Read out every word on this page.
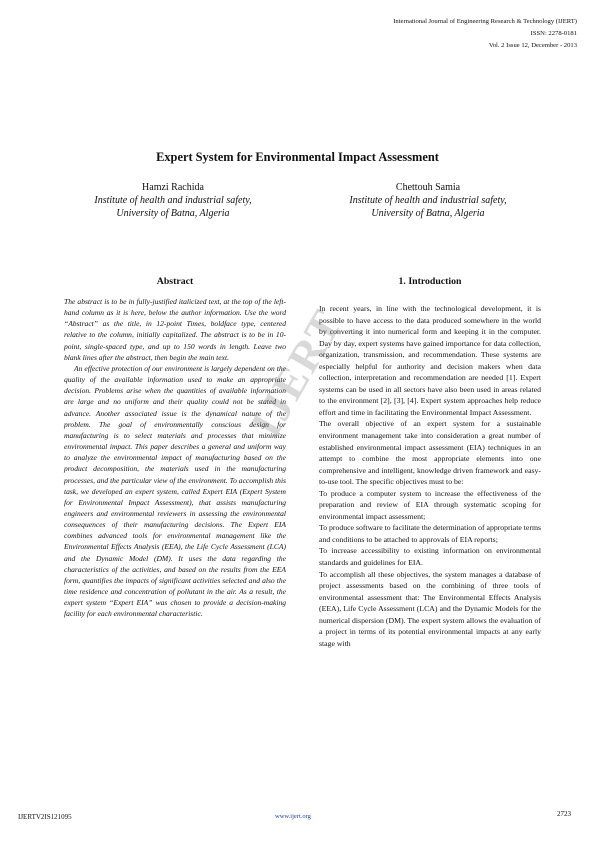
International Journal of Engineering Research & Technology (IJERT)
ISSN: 2278-0181
Vol. 2 Issue 12, December - 2013
Expert System for Environmental Impact Assessment
Hamzi Rachida
Institute of health and industrial safety,
University of Batna, Algeria
Chettouh Samia
Institute of health and industrial safety,
University of Batna, Algeria
Abstract

The abstract is to be in fully-justified italicized text, at the top of the left-hand column as it is here, below the author information. Use the word “Abstract” as the title, in 12-point Times, boldface type, centered relative to the column, initially capitalized. The abstract is to be in 10-point, single-spaced type, and up to 150 words in length. Leave two blank lines after the abstract, then begin the main text.

An effective protection of our environment is largely dependent on the quality of the available information used to make an appropriate decision. Problems arise when the quantities of available information are large and no uniform and their quality could not be stated in advance. Another associated issue is the dynamical nature of the problem. The goal of environmentally conscious design for manufacturing is to select materials and processes that minimize environmental impact. This paper describes a general and uniform way to analyze the environmental impact of manufacturing based on the product decomposition, the materials used in the manufacturing processes, and the particular view of the environment. To accomplish this task, we developed an expert system, called Expert EIA (Expert System for Environmental Impact Assessment), that assists manufacturing engineers and environmental reviewers in assessing the environmental consequences of their manufacturing decisions. The Expert EIA combines advanced tools for environmental management like the Environmental Effects Analysis (EEA), the Life Cycle Assessment (LCA) and the Dynamic Model (DM). It uses the data regarding the characteristics of the activities, and based on the results from the EEA form, quantifies the impacts of significant activities selected and also the time residence and concentration of pollutant in the air. As a result, the expert system “Expert EIA” was chosen to provide a decision-making facility for each environmental characteristic.

1. Introduction

In recent years, in line with the technological development, it is possible to have access to the data produced somewhere in the world by converting it into numerical form and keeping it in the computer. Day by day, expert systems have gained importance for data collection, organization, transmission, and recommendation. These systems are especially helpful for authority and decision makers when data collection, interpretation and recommendation are needed [1]. Expert systems can be used in all sectors have also been used in areas related to the environment [2], [3], [4]. Expert system approaches help reduce effort and time in facilitating the Environmental Impact Assessment.

The overall objective of an expert system for a sustainable environment management take into consideration a great number of established environmental impact assessment (EIA) techniques in an attempt to combine the most appropriate elements into one comprehensive and intelligent, knowledge driven framework and easy-to-use tool. The specific objectives must to be:

To produce a computer system to increase the effectiveness of the preparation and review of EIA through systematic scoping for environmental impact assessment;

To produce software to facilitate the determination of appropriate terms and conditions to be attached to approvals of EIA reports;

To increase accessibility to existing information on environmental standards and guidelines for EIA.

To accomplish all these objectives, the system manages a database of project assessments based on the combining of three tools of environmental assessment that: The Environmental Effects Analysis (EEA), Life Cycle Assessment (LCA) and the Dynamic Models for the numerical dispersion (DM). The expert system allows the evaluation of a project in terms of its potential environmental impacts at any early stage with

IJERT
IJERTV2IS121095	www.ijert.org	2723
